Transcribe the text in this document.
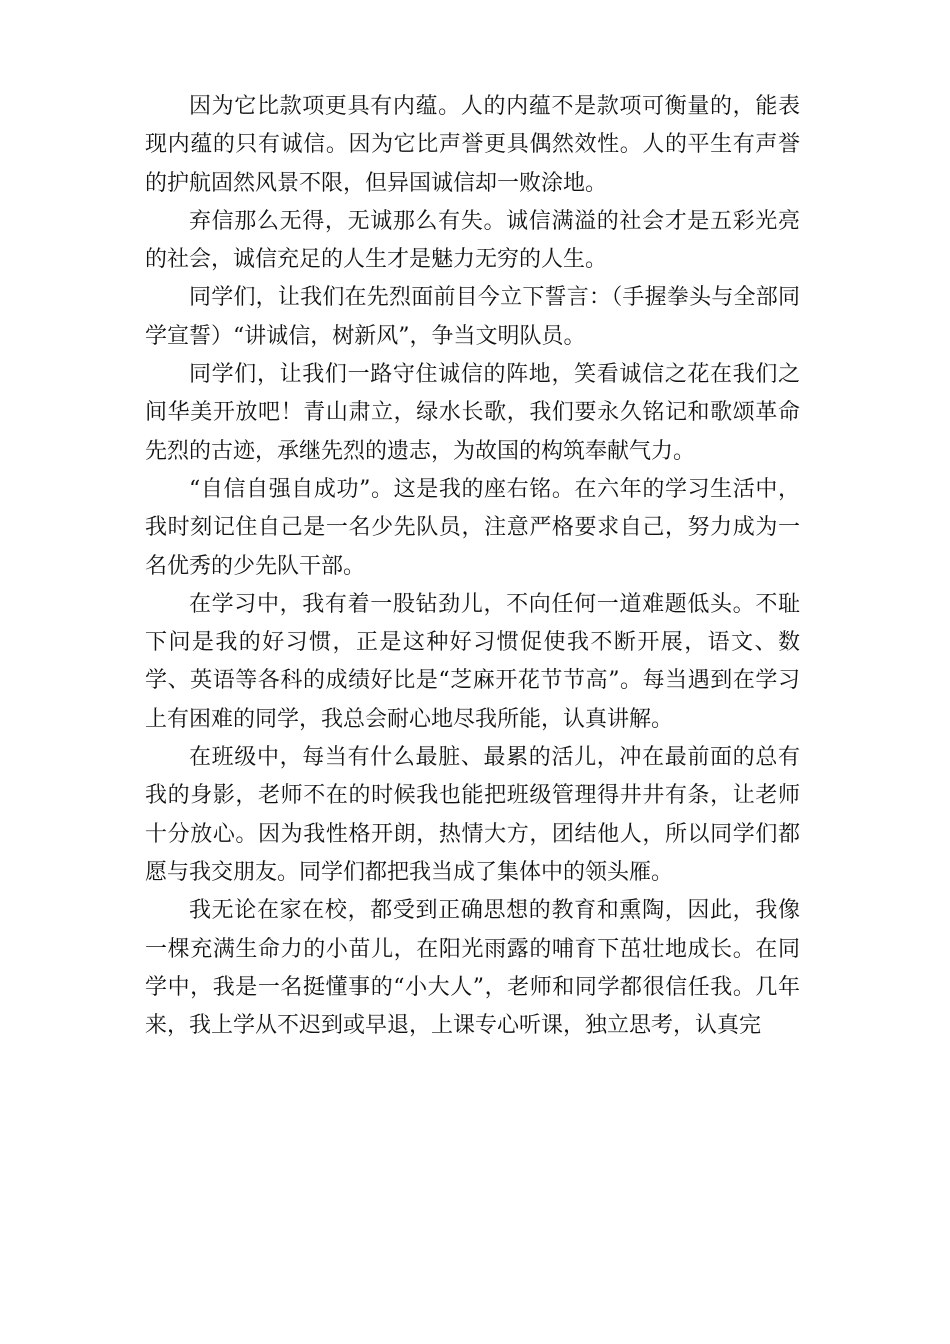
因为它比款项更具有内蕴。人的内蕴不是款项可衡量的，能表现内蕴的只有诚信。因为它比声誉更具偶然效性。人的平生有声誉的护航固然风景不限，但异国诚信却一败涂地。

弃信那么无得，无诚那么有失。诚信满溢的社会才是五彩光亮的社会，诚信充足的人生才是魅力无穷的人生。

同学们，让我们在先烈面前目今立下誓言：（手握拳头与全部同学宣誓）“讲诚信，树新风”，争当文明队员。

同学们，让我们一路守住诚信的阵地，笑看诚信之花在我们之间华美开放吧！青山肃立，绿水长歌，我们要永久铭记和歌颂革命先烈的古迹，承继先烈的遗志，为故国的构筑奉献气力。

“自信自强自成功”。这是我的座右铭。在六年的学习生活中，我时刻记住自己是一名少先队员，注意严格要求自己，努力成为一名优秀的少先队干部。

在学习中，我有着一股钻劲儿，不向任何一道难题低头。不耻下问是我的好习惯，正是这种好习惯促使我不断开展，语文、数学、英语等各科的成绩好比是“芝麻开花节节高”。每当遇到在学习上有困难的同学，我总会耐心地尽我所能，认真讲解。

在班级中，每当有什么最脏、最累的活儿，冲在最前面的总有我的身影，老师不在的时候我也能把班级管理得井井有条，让老师十分放心。因为我性格开朗，热情大方，团结他人，所以同学们都愿与我交朋友。同学们都把我当成了集体中的领头雁。

我无论在家在校，都受到正确思想的教育和熏陶，因此，我像一棵充满生命力的小苗儿，在阳光雨露的哺育下茁壮地成长。在同学中，我是一名挺懂事的“小大人”，老师和同学都很信任我。几年来，我上学从不迟到或早退，上课专心听课，独立思考，认真完
